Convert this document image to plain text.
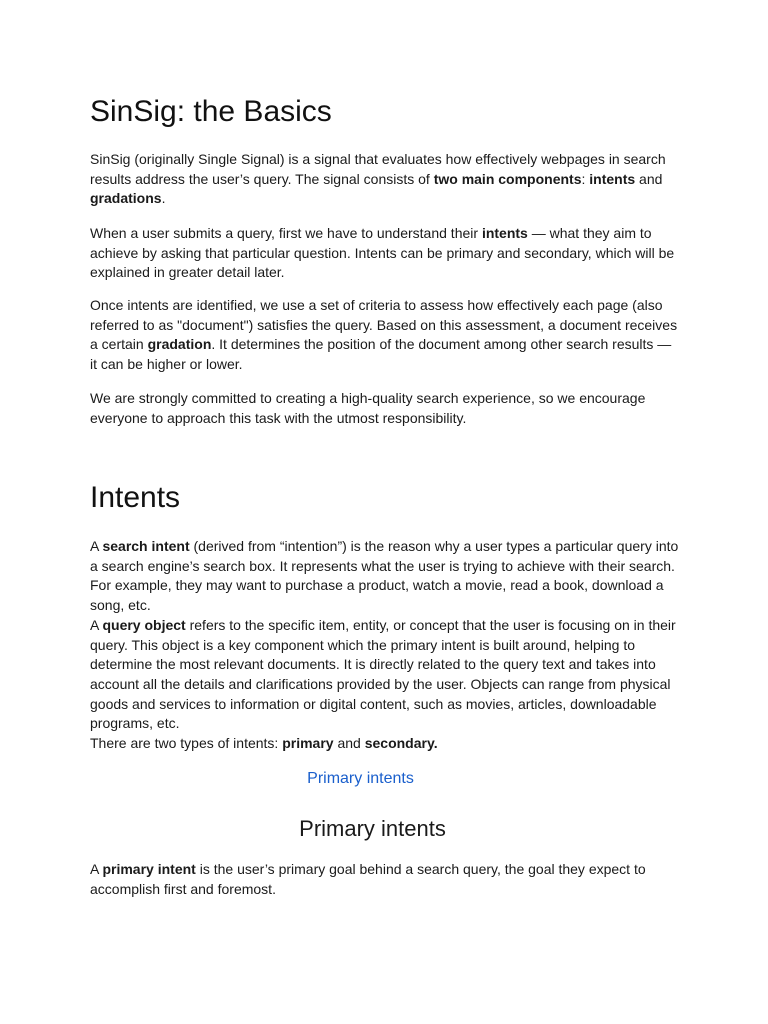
SinSig: the Basics

SinSig (originally Single Signal) is a signal that evaluates how effectively webpages in search results address the user’s query. The signal consists of two main components: intents and gradations.

When a user submits a query, first we have to understand their intents — what they aim to achieve by asking that particular question. Intents can be primary and secondary, which will be explained in greater detail later.

Once intents are identified, we use a set of criteria to assess how effectively each page (also referred to as "document") satisfies the query. Based on this assessment, a document receives a certain gradation. It determines the position of the document among other search results — it can be higher or lower.

We are strongly committed to creating a high-quality search experience, so we encourage everyone to approach this task with the utmost responsibility.

Intents

A search intent (derived from “intention”) is the reason why a user types a particular query into a search engine’s search box. It represents what the user is trying to achieve with their search. For example, they may want to purchase a product, watch a movie, read a book, download a song, etc.

A query object refers to the specific item, entity, or concept that the user is focusing on in their query. This object is a key component which the primary intent is built around, helping to determine the most relevant documents. It is directly related to the query text and takes into account all the details and clarifications provided by the user. Objects can range from physical goods and services to information or digital content, such as movies, articles, downloadable programs, etc.

There are two types of intents: primary and secondary.

Primary intents
Primary intents

A primary intent is the user’s primary goal behind a search query, the goal they expect to accomplish first and foremost.
